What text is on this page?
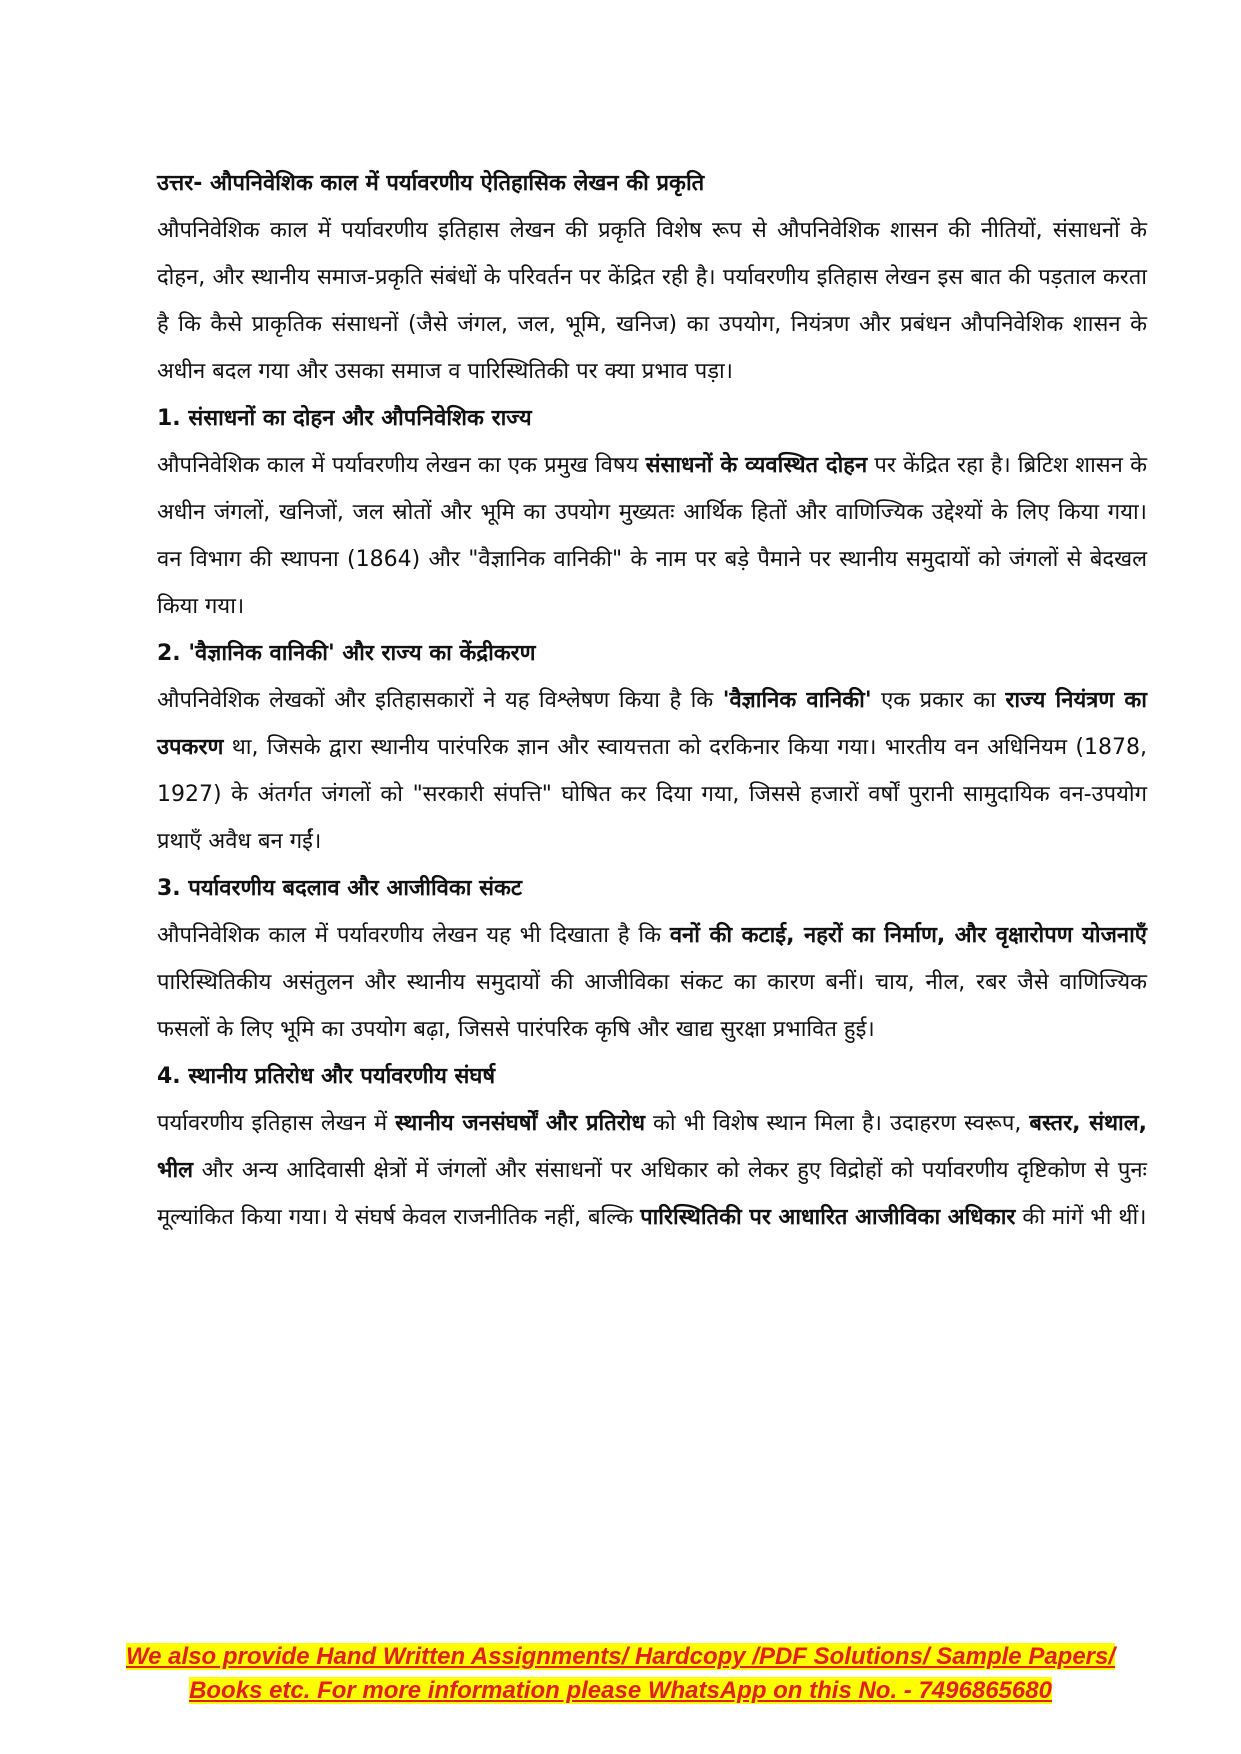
उत्तर- औपनिवेशिक काल में पर्यावरणीय ऐतिहासिक लेखन की प्रकृति

औपनिवेशिक काल में पर्यावरणीय इतिहास लेखन की प्रकृति विशेष रूप से औपनिवेशिक शासन की नीतियों, संसाधनों के दोहन, और स्थानीय समाज-प्रकृति संबंधों के परिवर्तन पर केंद्रित रही है। पर्यावरणीय इतिहास लेखन इस बात की पड़ताल करता है कि कैसे प्राकृतिक संसाधनों (जैसे जंगल, जल, भूमि, खनिज) का उपयोग, नियंत्रण और प्रबंधन औपनिवेशिक शासन के अधीन बदल गया और उसका समाज व पारिस्थितिकी पर क्या प्रभाव पड़ा।

1. संसाधनों का दोहन और औपनिवेशिक राज्य

औपनिवेशिक काल में पर्यावरणीय लेखन का एक प्रमुख विषय संसाधनों के व्यवस्थित दोहन पर केंद्रित रहा है। ब्रिटिश शासन के अधीन जंगलों, खनिजों, जल स्रोतों और भूमि का उपयोग मुख्यतः आर्थिक हितों और वाणिज्यिक उद्देश्यों के लिए किया गया। वन विभाग की स्थापना (1864) और "वैज्ञानिक वानिकी" के नाम पर बड़े पैमाने पर स्थानीय समुदायों को जंगलों से बेदखल किया गया।

2. 'वैज्ञानिक वानिकी' और राज्य का केंद्रीकरण

औपनिवेशिक लेखकों और इतिहासकारों ने यह विश्लेषण किया है कि 'वैज्ञानिक वानिकी' एक प्रकार का राज्य नियंत्रण का उपकरण था, जिसके द्वारा स्थानीय पारंपरिक ज्ञान और स्वायत्तता को दरकिनार किया गया। भारतीय वन अधिनियम (1878, 1927) के अंतर्गत जंगलों को "सरकारी संपत्ति" घोषित कर दिया गया, जिससे हजारों वर्षों पुरानी सामुदायिक वन-उपयोग प्रथाएँ अवैध बन गईं।

3. पर्यावरणीय बदलाव और आजीविका संकट

औपनिवेशिक काल में पर्यावरणीय लेखन यह भी दिखाता है कि वनों की कटाई, नहरों का निर्माण, और वृक्षारोपण योजनाएँ पारिस्थितिकीय असंतुलन और स्थानीय समुदायों की आजीविका संकट का कारण बनीं। चाय, नील, रबर जैसे वाणिज्यिक फसलों के लिए भूमि का उपयोग बढ़ा, जिससे पारंपरिक कृषि और खाद्य सुरक्षा प्रभावित हुई।

4. स्थानीय प्रतिरोध और पर्यावरणीय संघर्ष

पर्यावरणीय इतिहास लेखन में स्थानीय जनसंघर्षों और प्रतिरोध को भी विशेष स्थान मिला है। उदाहरण स्वरूप, बस्तर, संथाल, भील और अन्य आदिवासी क्षेत्रों में जंगलों और संसाधनों पर अधिकार को लेकर हुए विद्रोहों को पर्यावरणीय दृष्टिकोण से पुनः मूल्यांकित किया गया। ये संघर्ष केवल राजनीतिक नहीं, बल्कि पारिस्थितिकी पर आधारित आजीविका अधिकार की मांगें भी थीं।

We also provide Hand Written Assignments/ Hardcopy /PDF Solutions/ Sample Papers/
Books etc. For more information please WhatsApp on this No. - 7496865680
